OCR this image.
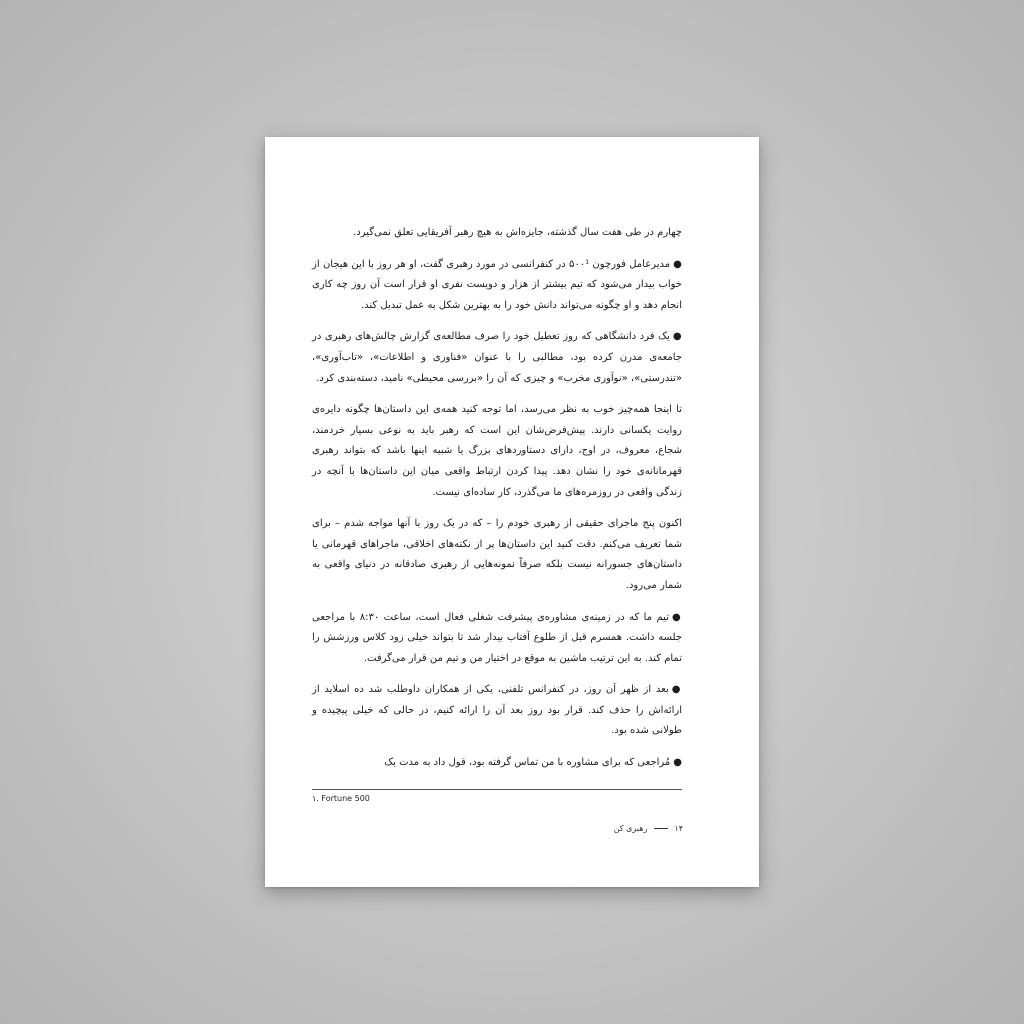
چهارم در طی هفت سال گذشته، جایزه‌اش به هیچ رهبر آفریقایی تعلق نمی‌گیرد.

●مدیرعامل فورچون ۵۰۰¹ در کنفرانسی در مورد رهبری گفت، او هر روز با این هیجان از خواب بیدار می‌شود که تیم بیشتر از هزار و دویست نفری او قرار است آن روز چه کاری انجام دهد و او چگونه می‌تواند دانش خود را به بهترین شکل به عمل تبدیل کند.

●یک فرد دانشگاهی که روز تعطیل خود را صرف مطالعه‌ی گزارش چالش‌های رهبری در جامعه‌ی مدرن کرده بود، مطالبی را با عنوان «فناوری و اطلاعات»، «تاب‌آوری»، «تندرستی»، «نوآوری مخرب» و چیزی که آن را «بررسی محیطی» نامید، دسته‌بندی کرد.

تا اینجا همه‌چیز خوب به نظر می‌رسد، اما توجه کنید همه‌ی این داستان‌ها چگونه دایره‌ی روایت یکسانی دارند. پیش‌فرض‌شان این است که رهبر باید به نوعی بسیار خردمند، شجاع، معروف، در اوج، دارای دستاوردهای بزرگ یا شبیه اینها باشد که بتواند رهبری قهرمانانه‌ی خود را نشان دهد. پیدا کردن ارتباط واقعی میان این داستان‌ها با آنچه در زندگی واقعی در روزمره‌های ما می‌گذرد، کار ساده‌ای نیست.

اکنون پنج ماجرای حقیقی از رهبری خودم را – که در یک روز با آنها مواجه شدم – برای شما تعریف می‌کنم. دقت کنید این داستان‌ها پر از نکته‌های اخلاقی، ماجراهای قهرمانی یا داستان‌های جسورانه نیست بلکه صرفاً نمونه‌هایی از رهبری صادقانه در دنیای واقعی به شمار می‌رود.

●تیم ما که در زمینه‌ی مشاوره‌ی پیشرفت شغلی فعال است، ساعت ۸:۳۰ با مراجعی جلسه داشت. همسرم قبل از طلوع آفتاب بیدار شد تا بتواند خیلی زود کلاس ورزشش را تمام کند. به این ترتیب ماشین به موقع در اختیار من و تیم من قرار می‌گرفت.

●بعد از ظهر آن روز، در کنفرانس تلفنی، یکی از همکاران داوطلب شد ده اسلاید از ارائه‌اش را حذف کند. قرار بود روز بعد آن را ارائه کنیم، در حالی که خیلی پیچیده و طولانی شده بود.

●مُراجعی که برای مشاوره با من تماس گرفته بود، قول داد به مدت یک

١. Fortune 500
۱۴  رهبری کن
